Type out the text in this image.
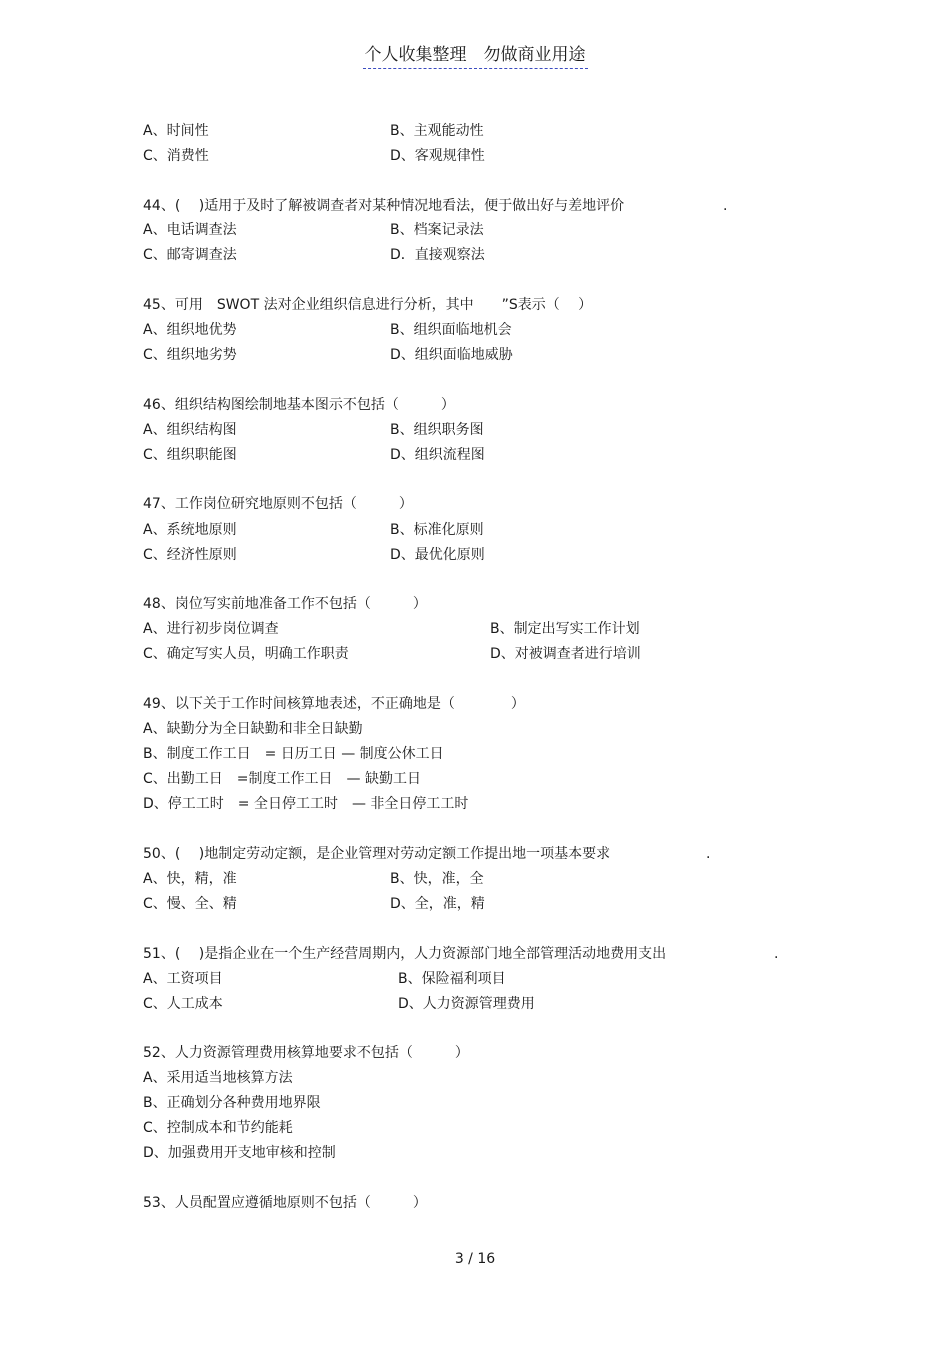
个人收集整理　勿做商业用途
A、时间性	B、主观能动性
C、消费性	D、客观规律性
44、(　 )适用于及时了解被调查者对某种情况地看法，便于做出好与差地评价	.
A、电话调查法	B、档案记录法
C、邮寄调查法	D．直接观察法
45、可用　SWOT 法对企业组织信息进行分析，其中　　”S表示（　 ）
A、组织地优势	B、组织面临地机会
C、组织地劣势	D、组织面临地威胁
46、组织结构图绘制地基本图示不包括（　　　）
A、组织结构图	B、组织职务图
C、组织职能图	D、组织流程图
47、工作岗位研究地原则不包括（　　　）
A、系统地原则	B、标准化原则
C、经济性原则	D、最优化原则
48、岗位写实前地准备工作不包括（　　　）
A、进行初步岗位调查	B、制定出写实工作计划
C、确定写实人员，明确工作职责	D、对被调查者进行培训
49、以下关于工作时间核算地表述，不正确地是（　　　　）
A、缺勤分为全日缺勤和非全日缺勤
B、制度工作工日　= 日历工日 — 制度公休工日
C、出勤工日　=制度工作工日　— 缺勤工日
D、停工工时　= 全日停工工时　— 非全日停工工时
50、(　 )地制定劳动定额，是企业管理对劳动定额工作提出地一项基本要求	.
A、快，精，准	B、快，准，全
C、慢、全、精	D、全，准，精
51、(　 )是指企业在一个生产经营周期内，人力资源部门地全部管理活动地费用支出	.
A、工资项目	B、保险福利项目
C、人工成本	D、人力资源管理费用
52、人力资源管理费用核算地要求不包括（　　　）
A、采用适当地核算方法
B、正确划分各种费用地界限
C、控制成本和节约能耗
D、加强费用开支地审核和控制
53、人员配置应遵循地原则不包括（　　　）
3 / 16
